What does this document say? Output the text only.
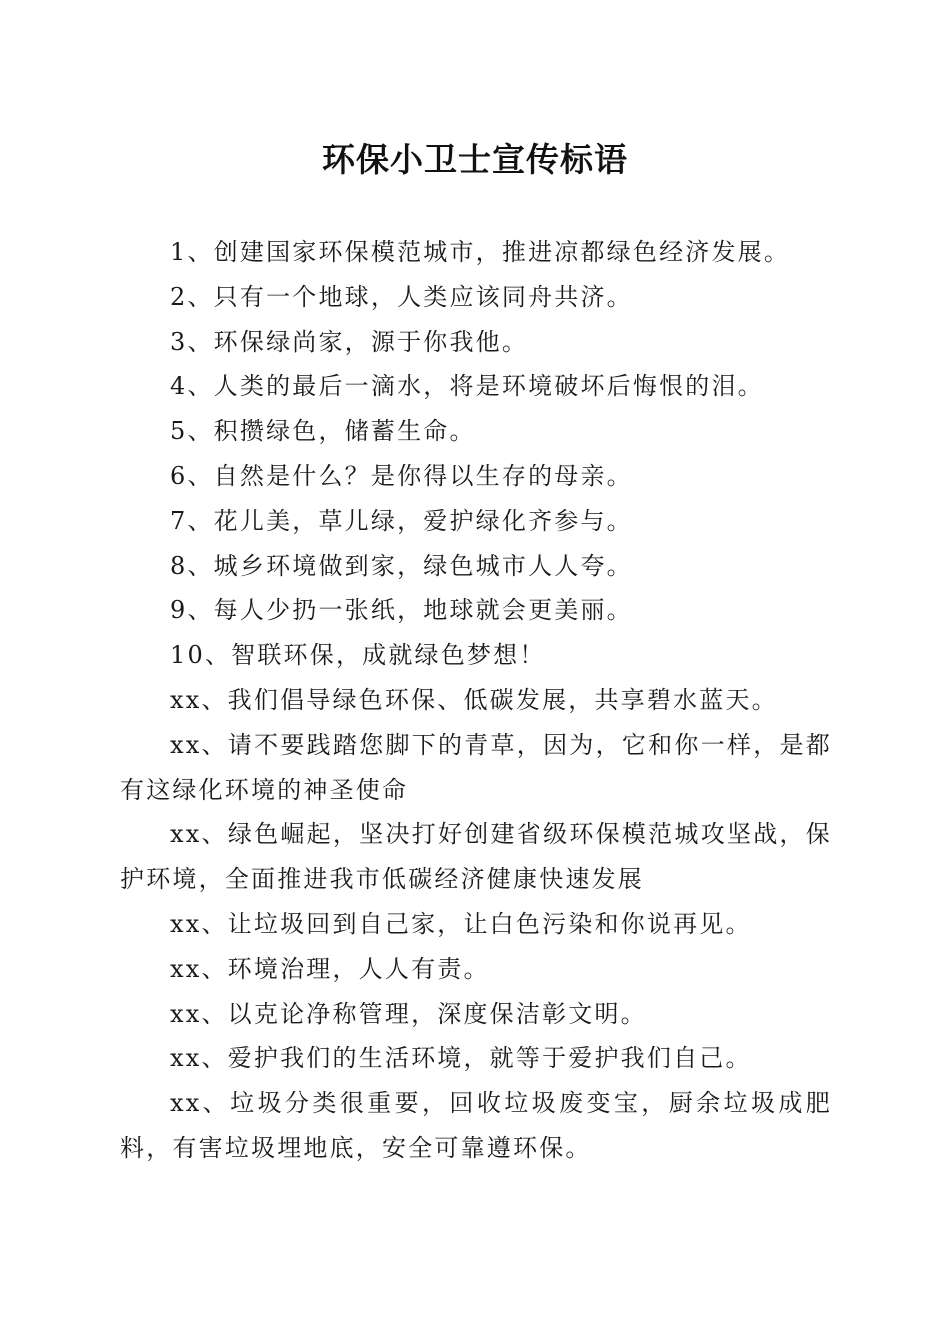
环保小卫士宣传标语

1、创建国家环保模范城市，推进凉都绿色经济发展。

2、只有一个地球，人类应该同舟共济。

3、环保绿尚家，源于你我他。

4、人类的最后一滴水，将是环境破坏后悔恨的泪。

5、积攒绿色，储蓄生命。

6、自然是什么？是你得以生存的母亲。

7、花儿美，草儿绿，爱护绿化齐参与。

8、城乡环境做到家，绿色城市人人夸。

9、每人少扔一张纸，地球就会更美丽。

10、智联环保，成就绿色梦想！

xx、我们倡导绿色环保、低碳发展，共享碧水蓝天。

xx、请不要践踏您脚下的青草，因为，它和你一样，是都有这绿化环境的神圣使命

xx、绿色崛起，坚决打好创建省级环保模范城攻坚战，保护环境，全面推进我市低碳经济健康快速发展

xx、让垃圾回到自己家，让白色污染和你说再见。

xx、环境治理，人人有责。

xx、以克论净称管理，深度保洁彰文明。

xx、爱护我们的生活环境，就等于爱护我们自己。

xx、垃圾分类很重要，回收垃圾废变宝，厨余垃圾成肥料，有害垃圾埋地底，安全可靠遵环保。
